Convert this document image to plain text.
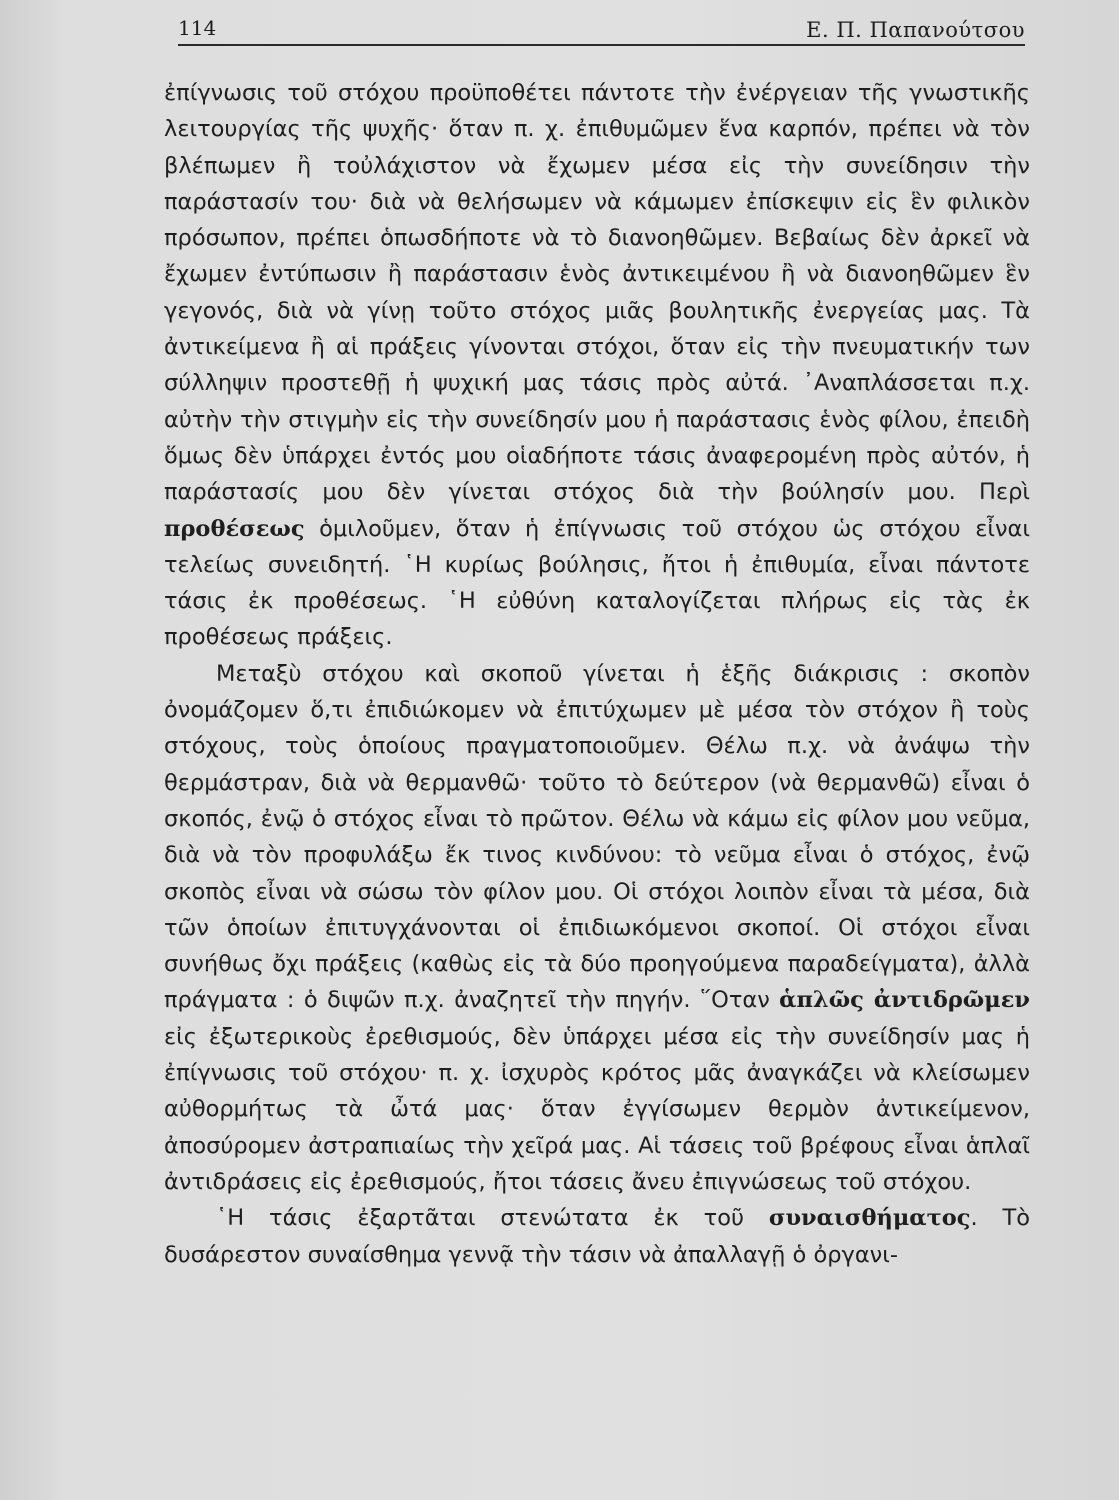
114	Ε. Π. Παπανούτσου

ἐπίγνωσις τοῦ στόχου προϋποθέτει πάντοτε τὴν ἐνέργειαν τῆς γνωστικῆς λειτουργίας τῆς ψυχῆς· ὅταν π. χ. ἐπιθυμῶμεν ἕνα καρπόν, πρέπει νὰ τὸν βλέπωμεν ἢ τοὐλάχιστον νὰ ἔχωμεν μέσα εἰς τὴν συνείδησιν τὴν παράστασίν του· διὰ νὰ θελήσωμεν νὰ κάμωμεν ἐπίσκεψιν εἰς ἓν φιλικὸν πρόσωπον, πρέπει ὁπωσδήποτε νὰ τὸ διανοηθῶμεν. Βεβαίως δὲν ἀρκεῖ νὰ ἔχωμεν ἐντύπωσιν ἢ παράστασιν ἑνὸς ἀντικειμένου ἢ νὰ διανοηθῶμεν ἓν γεγονός, διὰ νὰ γίνῃ τοῦτο στόχος μιᾶς βουλητικῆς ἐνεργείας μας. Τὰ ἀντικείμενα ἢ αἱ πράξεις γίνονται στόχοι, ὅταν εἰς τὴν πνευματικήν των σύλληψιν προστεθῇ ἡ ψυχική μας τάσις πρὸς αὐτά. ᾿Αναπλάσσεται π.χ. αὐτὴν τὴν στιγμὴν εἰς τὴν συνείδησίν μου ἡ παράστασις ἑνὸς φίλου, ἐπειδὴ ὅμως δὲν ὑπάρχει ἐντός μου οἱαδήποτε τάσις ἀναφερομένη πρὸς αὐτόν, ἡ παράστασίς μου δὲν γίνεται στόχος διὰ τὴν βούλησίν μου. Περὶ προθέσεως ὁμιλοῦμεν, ὅταν ἡ ἐπίγνωσις τοῦ στόχου ὡς στόχου εἶναι τελείως συνειδητή. ῾Η κυρίως βούλησις, ἤτοι ἡ ἐπιθυμία, εἶναι πάντοτε τάσις ἐκ προθέσεως. ῾Η εὐθύνη καταλογίζεται πλήρως εἰς τὰς ἐκ προθέσεως πράξεις.

Μεταξὺ στόχου καὶ σκοποῦ γίνεται ἡ ἑξῆς διάκρισις : σκοπὸν ὀνομάζομεν ὅ,τι ἐπιδιώκομεν νὰ ἐπιτύχωμεν μὲ μέσα τὸν στόχον ἢ τοὺς στόχους, τοὺς ὁποίους πραγματοποιοῦμεν. Θέλω π.χ. νὰ ἀνάψω τὴν θερμάστραν, διὰ νὰ θερμανθῶ· τοῦτο τὸ δεύτερον (νὰ θερμανθῶ) εἶναι ὁ σκοπός, ἐνῷ ὁ στόχος εἶναι τὸ πρῶτον. Θέλω νὰ κάμω εἰς φίλον μου νεῦμα, διὰ νὰ τὸν προφυλάξω ἔκ τινος κινδύνου: τὸ νεῦμα εἶναι ὁ στόχος, ἐνῷ σκοπὸς εἶναι νὰ σώσω τὸν φίλον μου. Οἱ στόχοι λοιπὸν εἶναι τὰ μέσα, διὰ τῶν ὁποίων ἐπιτυγχάνονται οἱ ἐπιδιωκόμενοι σκοποί. Οἱ στόχοι εἶναι συνήθως ὄχι πράξεις (καθὼς εἰς τὰ δύο προηγούμενα παραδείγματα), ἀλλὰ πράγματα : ὁ διψῶν π.χ. ἀναζητεῖ τὴν πηγήν. ῞Οταν ἁπλῶς ἀντιδρῶμεν εἰς ἐξωτερικοὺς ἐρεθισμούς, δὲν ὑπάρχει μέσα εἰς τὴν συνείδησίν μας ἡ ἐπίγνωσις τοῦ στόχου· π. χ. ἰσχυρὸς κρότος μᾶς ἀναγκάζει νὰ κλείσωμεν αὐθορμήτως τὰ ὦτά μας· ὅταν ἐγγίσωμεν θερμὸν ἀντικείμενον, ἀποσύρομεν ἀστραπιαίως τὴν χεῖρά μας. Αἱ τάσεις τοῦ βρέφους εἶναι ἁπλαῖ ἀντιδράσεις εἰς ἐρεθισμούς, ἤτοι τάσεις ἄνευ ἐπιγνώσεως τοῦ στόχου.

῾Η τάσις ἐξαρτᾶται στενώτατα ἐκ τοῦ συναισθήματος. Τὸ δυσάρεστον συναίσθημα γεννᾷ τὴν τάσιν νὰ ἀπαλλαγῇ ὁ ὀργανι-
